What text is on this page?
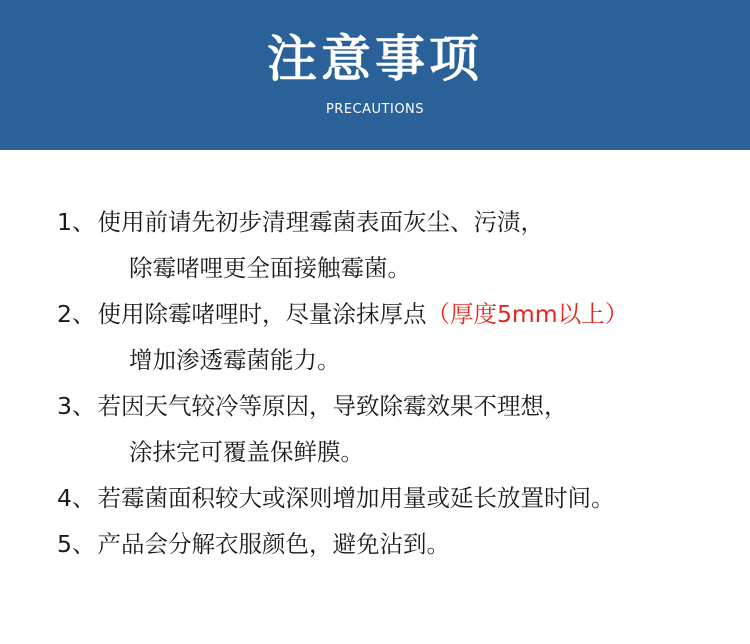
注意事项
PRECAUTIONS
1、使用前请先初步清理霉菌表面灰尘、污渍，
除霉啫哩更全面接触霉菌。
2、使用除霉啫哩时，尽量涂抹厚点（厚度5mm以上）
增加渗透霉菌能力。
3、若因天气较冷等原因，导致除霉效果不理想，
涂抹完可覆盖保鲜膜。
4、若霉菌面积较大或深则增加用量或延长放置时间。
5、产品会分解衣服颜色，避免沾到。
